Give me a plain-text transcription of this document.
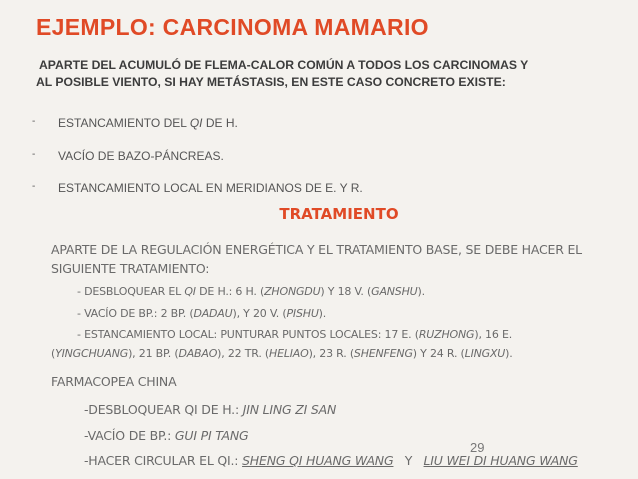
EJEMPLO: CARCINOMA MAMARIO
APARTE DEL ACUMULÓ DE FLEMA-CALOR COMÚN A TODOS LOS CARCINOMAS Y
AL POSIBLE VIENTO, SI HAY METÁSTASIS, EN ESTE CASO CONCRETO EXISTE:
- ESTANCAMIENTO DEL QI DE H.
- VACÍO DE BAZO-PÁNCREAS.
- ESTANCAMIENTO LOCAL EN MERIDIANOS DE E. Y R.
TRATAMIENTO
APARTE DE LA REGULACIÓN ENERGÉTICA Y EL TRATAMIENTO BASE, SE DEBE HACER EL
SIGUIENTE TRATAMIENTO:
- DESBLOQUEAR EL QI DE H.: 6 H. (ZHONGDU) Y 18 V. (GANSHU).
- VACÍO DE BP.: 2 BP. (DADAU), Y 20 V. (PISHU).
- ESTANCAMIENTO LOCAL: PUNTURAR PUNTOS LOCALES: 17 E. (RUZHONG), 16 E.
(YINGCHUANG), 21 BP. (DABAO), 22 TR. (HELIAO), 23 R. (SHENFENG) Y 24 R. (LINGXU).
FARMACOPEA CHINA
-DESBLOQUEAR QI DE H.: JIN LING ZI SAN
-VACÍO DE BP.: GUI PI TANG
29
-HACER CIRCULAR EL QI.: SHENG QI HUANG WANG   Y   LIU WEI DI HUANG WANG
